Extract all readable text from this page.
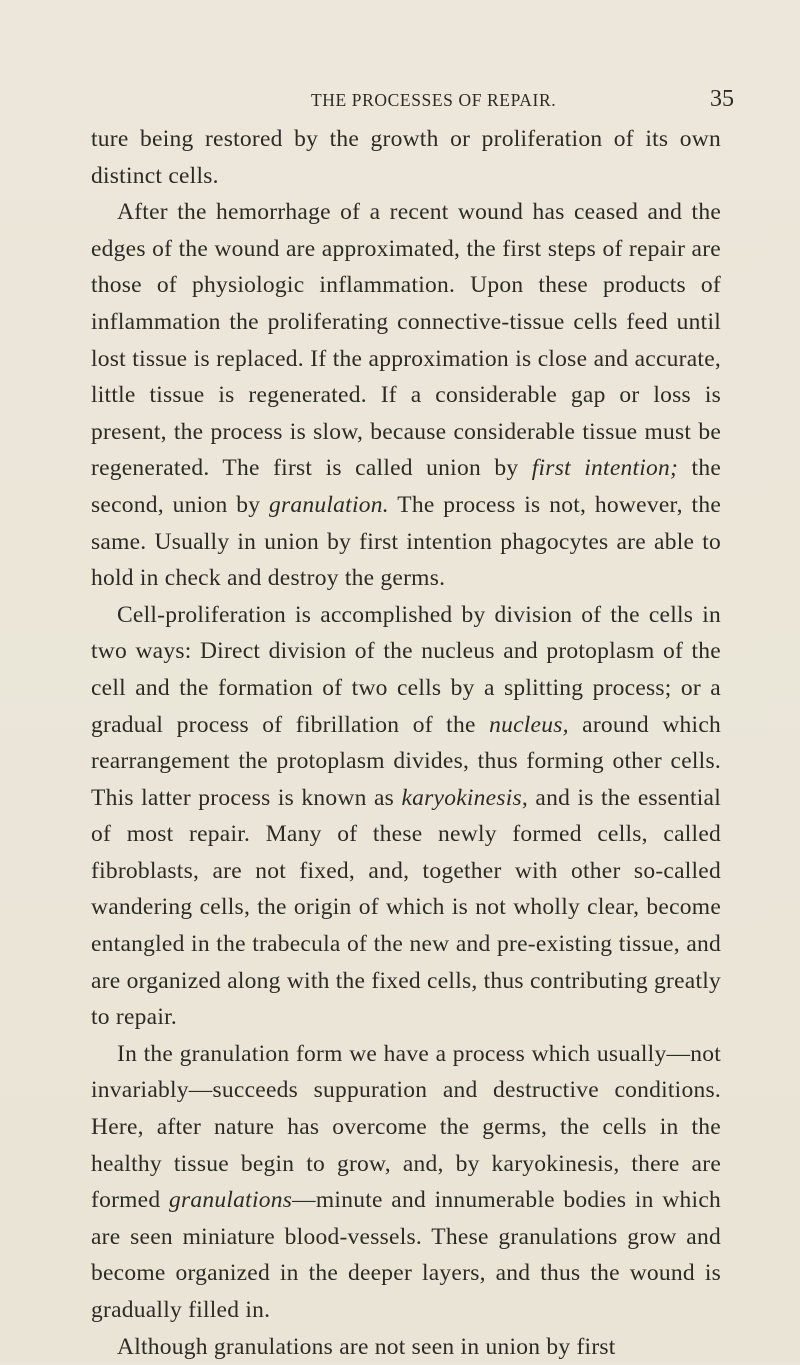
THE PROCESSES OF REPAIR.	35

ture being restored by the growth or proliferation of its own distinct cells.

After the hemorrhage of a recent wound has ceased and the edges of the wound are approximated, the first steps of repair are those of physiologic inflammation. Upon these products of inflammation the proliferating connective-tissue cells feed until lost tissue is replaced. If the approximation is close and accurate, little tissue is regenerated. If a considerable gap or loss is present, the process is slow, because considerable tissue must be regenerated. The first is called union by first intention; the second, union by granulation. The process is not, however, the same. Usually in union by first intention phagocytes are able to hold in check and destroy the germs.

Cell-proliferation is accomplished by division of the cells in two ways: Direct division of the nucleus and protoplasm of the cell and the formation of two cells by a splitting process; or a gradual process of fibrillation of the nucleus, around which rearrangement the protoplasm divides, thus forming other cells. This latter process is known as karyokinesis, and is the essential of most repair. Many of these newly formed cells, called fibroblasts, are not fixed, and, together with other so-called wandering cells, the origin of which is not wholly clear, become entangled in the trabecula of the new and pre-existing tissue, and are organized along with the fixed cells, thus contributing greatly to repair.

In the granulation form we have a process which usually—not invariably—succeeds suppuration and destructive conditions. Here, after nature has overcome the germs, the cells in the healthy tissue begin to grow, and, by karyokinesis, there are formed granulations—minute and innumerable bodies in which are seen miniature blood-vessels. These granulations grow and become organized in the deeper layers, and thus the wound is gradually filled in.

Although granulations are not seen in union by first
